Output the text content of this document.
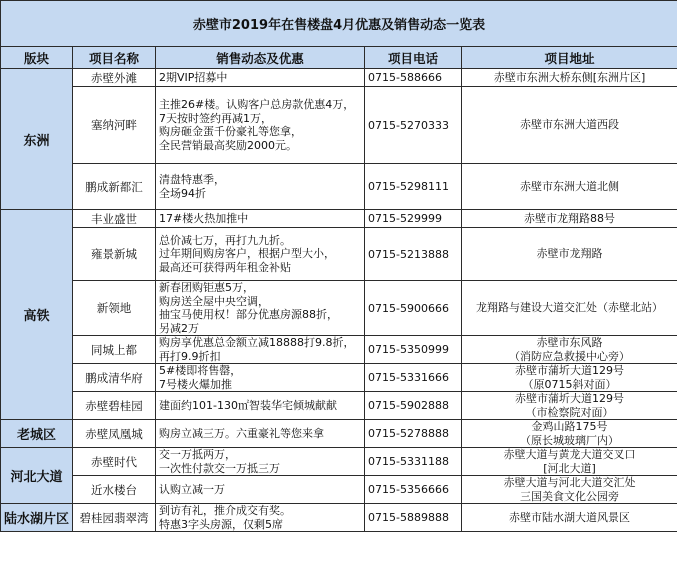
赤壁市2019年在售楼盘4月优惠及销售动态一览表				
版块	项目名称	销售动态及优惠	项目电话	项目地址
东洲	赤壁外滩	2期VIP招募中	0715-588666	赤壁市东洲大桥东侧[东洲片区]

	塞纳河畔	主推26#楼。认购客户总房款优惠4万，
7天按时签约再减1万，
购房砸金蛋千份豪礼等您拿，
全民营销最高奖励2000元。	0715-5270333	赤壁市东洲大道西段

	鹏成新都汇	清盘特惠季，
全场94折	0715-5298111	赤壁市东洲大道北侧

高铁	丰业盛世	17#楼火热加推中	0715-529999	赤壁市龙翔路88号

	雍景新城	总价减七万，再打九九折。
过年期间购房客户，根据户型大小，
最高还可获得两年租金补贴	0715-5213888	赤壁市龙翔路

	新领地	新春团购钜惠5万，
购房送全屋中央空调，
抽宝马使用权！部分优惠房源88折，
另减2万	0715-5900666	龙翔路与建设大道交汇处（赤壁北站）

	同城上都	购房享优惠总金额立减18888打9.8折，
再打9.9折扣	0715-5350999	赤壁市东风路
（消防应急救援中心旁）

	鹏成清华府	5#楼即将售罄，
7号楼火爆加推	0715-5331666	赤壁市蒲圻大道129号
（原0715斜对面）

	赤壁碧桂园	建面约101-130㎡智装华宅倾城献献	0715-5902888	赤壁市蒲圻大道129号
（市检察院对面）

老城区	赤壁凤凰城	购房立减三万。六重豪礼等您来拿	0715-5278888	金鸡山路175号
（原长城玻璃厂内）

河北大道	赤壁时代	交一万抵两万，
一次性付款交一万抵三万	0715-5331188	赤壁大道与黄龙大道交叉口
[河北大道]

	近水楼台	认购立减一万	0715-5356666	赤壁大道与河北大道交汇处
三国美食文化公园旁

陆水湖片区	碧桂园翡翠湾	到访有礼，推介成交有奖。
特惠3字头房源，仅剩5席	0715-5889888	赤壁市陆水湖大道风景区
